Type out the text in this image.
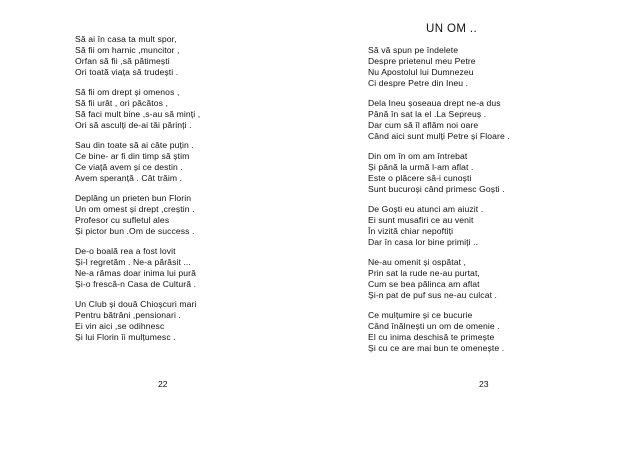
Să ai în casa ta mult spor,
Să fii om harnic ,muncitor ,
Orfan să fii ,să pătimești
Ori toată viața să trudești .
Să fii om drept și omenos ,
Să fii urât , ori păcătos ,
Să faci mult bine ,s-au să minți ,
Ori să asculți de-ai tăi părinți .
Sau din toate să ai câte puțin .
Ce bine- ar fi din timp să știm
Ce viață avem și ce destin .
Avem speranță . Cât trăim .
Deplâng un prieten bun Florin
Un om omest și drept ,creștin .
Profesor cu sufletul ales
Și pictor bun .Om de success .
De-o boală rea a fost lovit
Și-l regretăm . Ne-a părăsit ...
Ne-a rămas doar inima lui pură
Și-o frescă-n Casa de Cultură .
Un Club și două Chioșcuri mari
Pentru bătrâni ,pensionari .
Ei vin aici ,se odihnesc
Și lui Florin îi mulțumesc .
22
UN OM ..
Să vă spun pe îndelete
Despre prietenul meu Petre
Nu Apostolul lui Dumnezeu
Ci despre Petre din Ineu .
Dela Ineu șoseaua drept ne-a dus
Până în sat la el .La Sepreuș .
Dar cum să îl aflăm noi oare
Când aici sunt mulți Petre și Floare .
Din om în om am întrebat
Și până la urmă l-am aflat .
Este o plăcere să-i cunoști
Sunt bucuroși când primesc Goști .
De Goști eu atunci am aiuzit .
Ei sunt musafiri ce au venit
În vizită chiar nepoftiți
Dar în casa lor bine primiți ..
Ne-au omenit și ospătat ,
Prin sat la rude ne-au purtat,
Cum se bea pălinca am aflat
Și-n pat de puf sus ne-au culcat .
Ce mulțumire și ce bucurie
Când înălnești un om de omenie .
El cu inima deschisă te primește
Și cu ce are mai bun te omenește .
23
